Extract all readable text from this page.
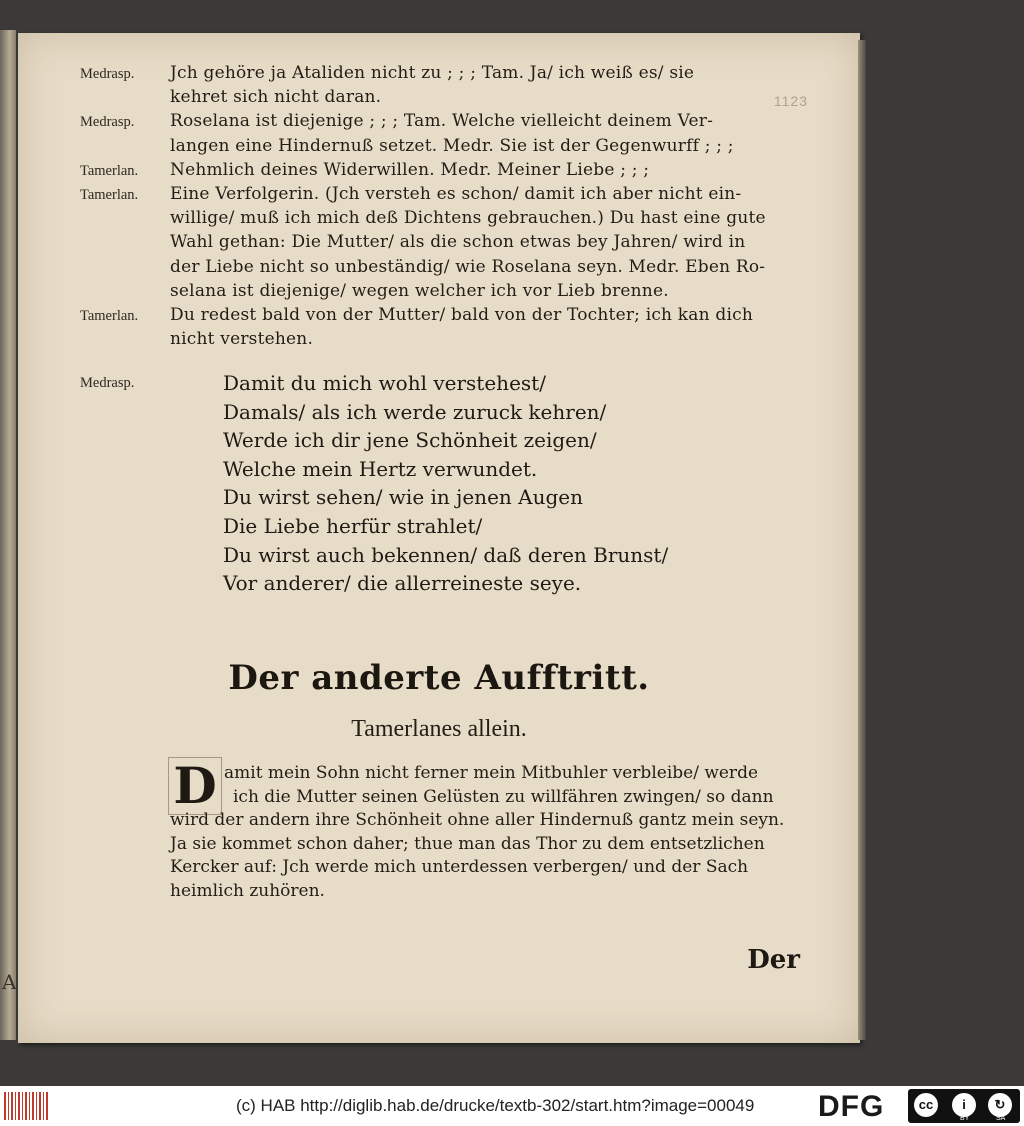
A
1123
Medrasp.	Jch gehöre ja Ataliden nicht zu ; ; ; Tam. Ja/ ich weiß es/ sie
kehret sich nicht daran.
Medrasp.	Roselana ist diejenige ; ; ; Tam. Welche vielleicht deinem Ver-
langen eine Hindernuß setzet. Medr. Sie ist der Gegenwurff ; ; ;
Tamerlan.	Nehmlich deines Widerwillen. Medr. Meiner Liebe ; ; ;
Tamerlan.	Eine Verfolgerin. (Jch versteh es schon/ damit ich aber nicht ein-
willige/ muß ich mich deß Dichtens gebrauchen.) Du hast eine gute
Wahl gethan: Die Mutter/ als die schon etwas bey Jahren/ wird in
der Liebe nicht so unbeständig/ wie Roselana seyn. Medr. Eben Ro-
selana ist diejenige/ wegen welcher ich vor Lieb brenne.
Tamerlan.	Du redest bald von der Mutter/ bald von der Tochter; ich kan dich
nicht verstehen.
Medrasp.	Damit du mich wohl verstehest/
Damals/ als ich werde zuruck kehren/
Werde ich dir jene Schönheit zeigen/
Welche mein Hertz verwundet.
Du wirst sehen/ wie in jenen Augen
Die Liebe herfür strahlet/
Du wirst auch bekennen/ daß deren Brunst/
Vor anderer/ die allerreineste seye.
Der anderte Aufftritt.
Tamerlanes allein.
D amit mein Sohn nicht ferner mein Mitbuhler verbleibe/ werde
ich die Mutter seinen Gelüsten zu willfähren zwingen/ so dann
wird der andern ihre Schönheit ohne aller Hindernuß gantz mein seyn.
Ja sie kommet schon daher; thue man das Thor zu dem entsetzlichen
Kercker auf: Jch werde mich unterdessen verbergen/ und der Sach
heimlich zuhören.
Der
(c) HAB http://diglib.hab.de/drucke/textb-302/start.htm?image=00049 DFG	cc	i	↻
BY	SA
